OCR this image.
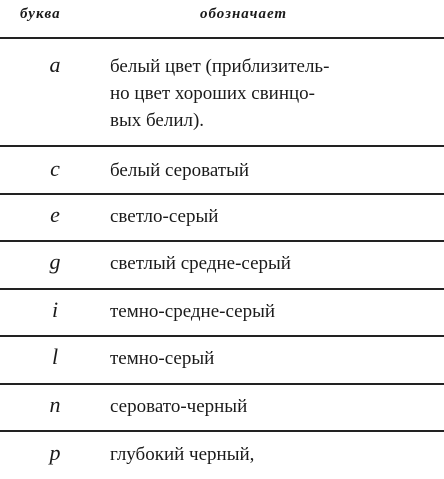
буква	обозначает
a	белый цвет (приблизитель-
но цвет хороших свинцо-
вых белил).
c	белый сероватый
e	светло-серый
g	светлый средне-серый
i	темно-средне-серый
l	темно-серый
n	серовато-черный
p	глубокий черный,
